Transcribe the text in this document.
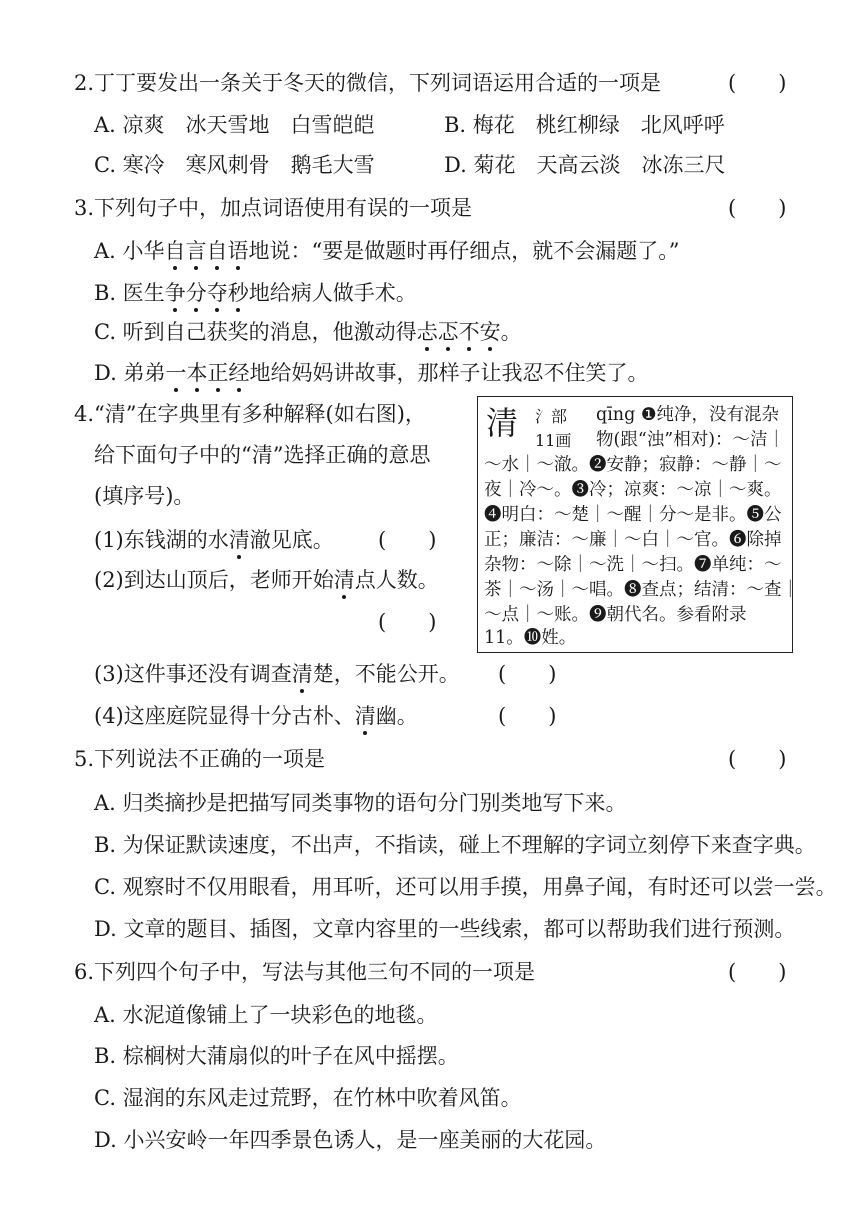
2.丁丁要发出一条关于冬天的微信，下列词语运用合适的一项是	(　　)
A. 凉爽　冰天雪地　白雪皑皑	B. 梅花　桃红柳绿　北风呼呼
C. 寒冷　寒风刺骨　鹅毛大雪	D. 菊花　天高云淡　冰冻三尺
3.下列句子中，加点词语使用有误的一项是	(　　)
A. 小华自言自语地说：“要是做题时再仔细点，就不会漏题了。”
B. 医生争分夺秒地给病人做手术。
C. 听到自己获奖的消息，他激动得忐忑不安。
D. 弟弟一本正经地给妈妈讲故事，那样子让我忍不住笑了。
4.“清”在字典里有多种解释(如右图)，
给下面句子中的“清”选择正确的意思
(填序号)。
(1)东钱湖的水清澈见底。 (　　)
(2)到达山顶后，老师开始清点人数。
(　　)
(3)这件事还没有调查清楚，不能公开。 (　　)
(4)这座庭院显得十分古朴、清幽。	(　　)
清 氵部
11画
qīng ❶纯净，没有混杂
物(跟“浊”相对)：～洁｜
～水｜～澈。❷安静；寂静：～静｜～
夜｜冷～。❸冷；凉爽：～凉｜～爽。
❹明白：～楚｜～醒｜分～是非。❺公
正；廉洁：～廉｜～白｜～官。❻除掉
杂物：～除｜～洗｜～扫。❼单纯：～
茶｜～汤｜～唱。❽查点；结清：～查｜
～点｜～账。❾朝代名。参看附录
11。❿姓。
5.下列说法不正确的一项是	(　　)
A. 归类摘抄是把描写同类事物的语句分门别类地写下来。
B. 为保证默读速度，不出声，不指读，碰上不理解的字词立刻停下来查字典。
C. 观察时不仅用眼看，用耳听，还可以用手摸，用鼻子闻，有时还可以尝一尝。
D. 文章的题目、插图，文章内容里的一些线索，都可以帮助我们进行预测。
6.下列四个句子中，写法与其他三句不同的一项是	(　　)
A. 水泥道像铺上了一块彩色的地毯。
B. 棕榈树大蒲扇似的叶子在风中摇摆。
C. 湿润的东风走过荒野，在竹林中吹着风笛。
D. 小兴安岭一年四季景色诱人，是一座美丽的大花园。
